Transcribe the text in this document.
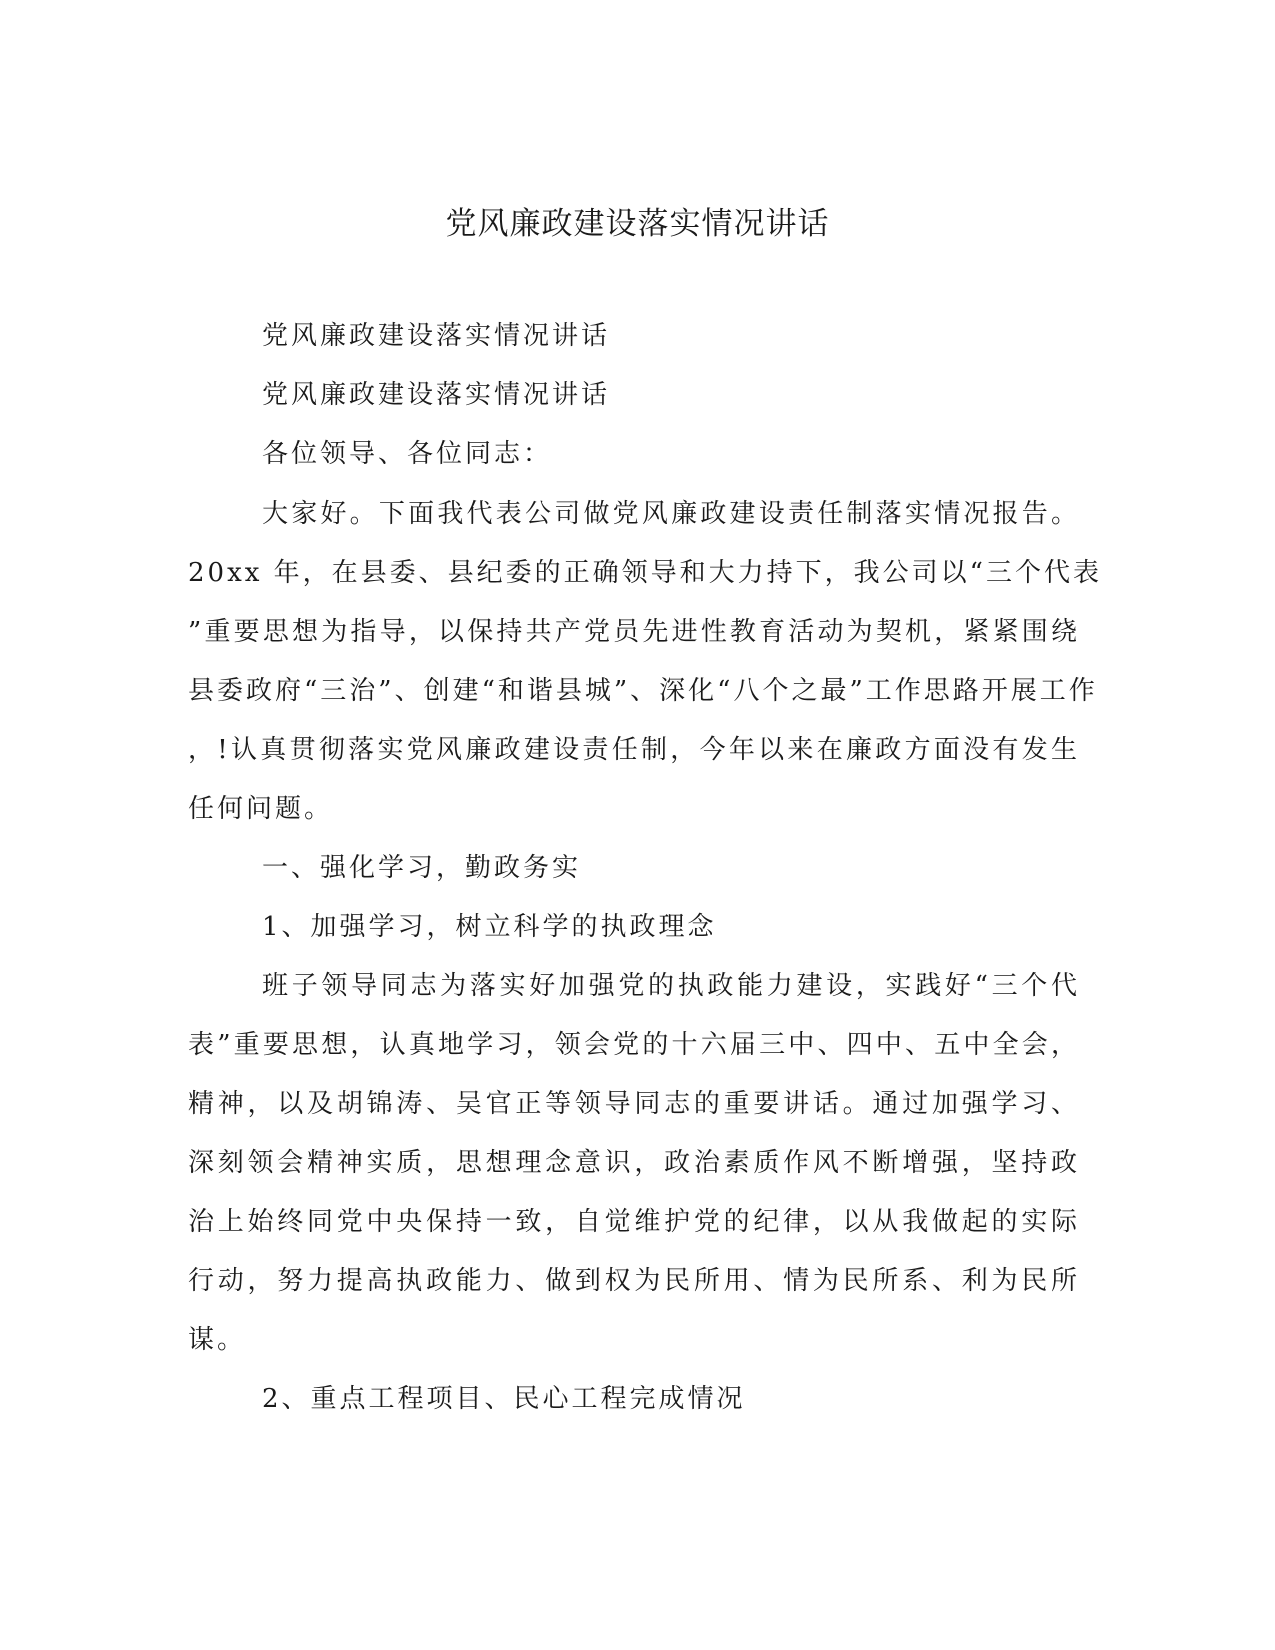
党风廉政建设落实情况讲话
党风廉政建设落实情况讲话
党风廉政建设落实情况讲话
各位领导、各位同志：
大家好。下面我代表公司做党风廉政建设责任制落实情况报告。
20xx 年，在县委、县纪委的正确领导和大力持下，我公司以“三个代表
”重要思想为指导，以保持共产党员先进性教育活动为契机，紧紧围绕
县委政府“三治”、创建“和谐县城”、深化“八个之最”工作思路开展工作
，!认真贯彻落实党风廉政建设责任制，今年以来在廉政方面没有发生
任何问题。
一、强化学习，勤政务实
1、加强学习，树立科学的执政理念
班子领导同志为落实好加强党的执政能力建设，实践好“三个代
表”重要思想，认真地学习，领会党的十六届三中、四中、五中全会，
精神，以及胡锦涛、吴官正等领导同志的重要讲话。通过加强学习、
深刻领会精神实质，思想理念意识，政治素质作风不断增强，坚持政
治上始终同党中央保持一致，自觉维护党的纪律，以从我做起的实际
行动，努力提高执政能力、做到权为民所用、情为民所系、利为民所
谋。
2、重点工程项目、民心工程完成情况
